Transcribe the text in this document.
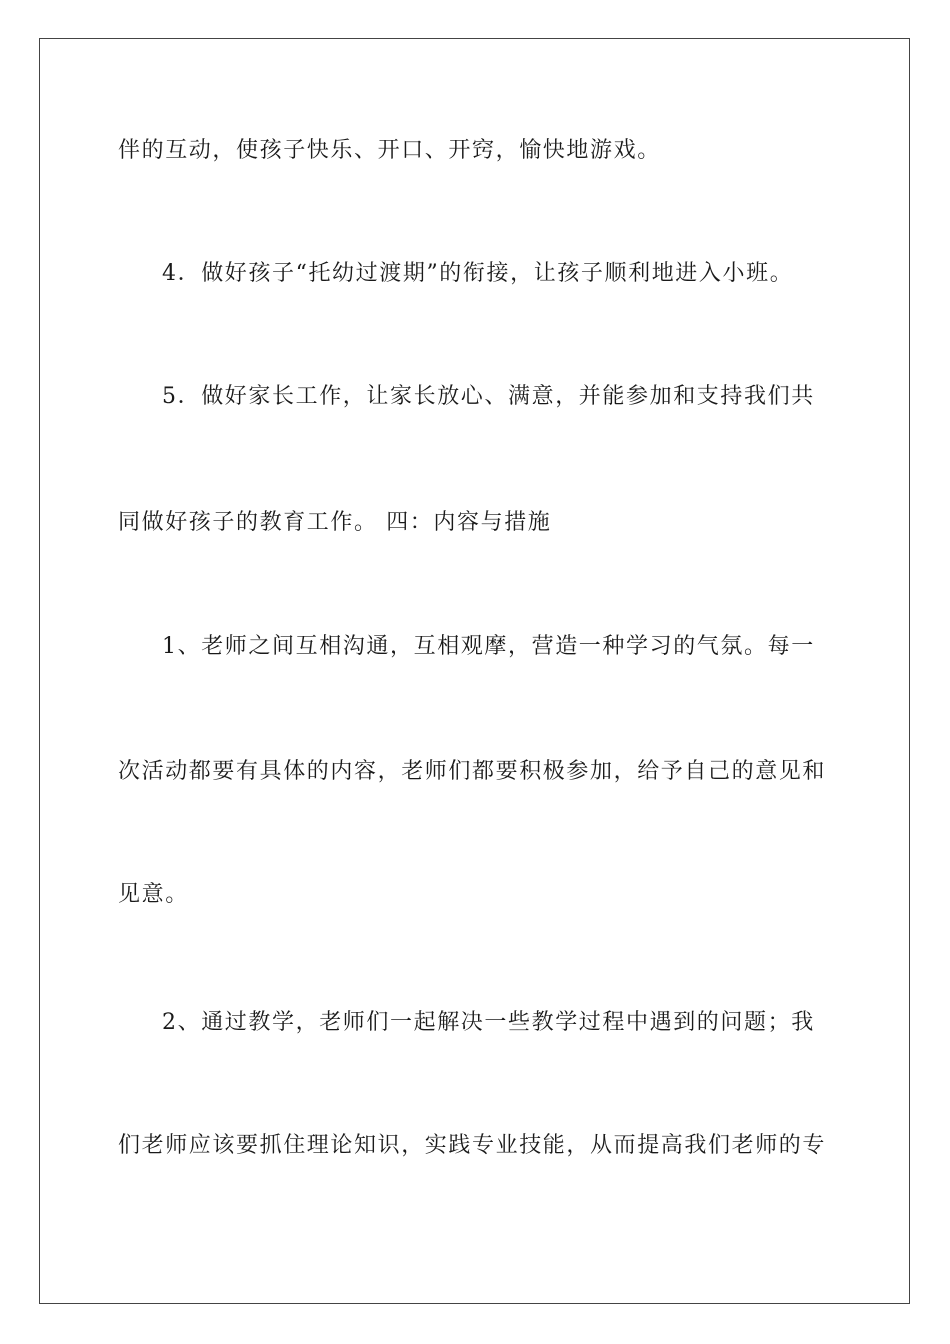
伴的互动，使孩子快乐、开口、开窍，愉快地游戏。
4．做好孩子“托幼过渡期”的衔接，让孩子顺利地进入小班。
5．做好家长工作，让家长放心、满意，并能参加和支持我们共
同做好孩子的教育工作。 四：内容与措施
1、老师之间互相沟通，互相观摩，营造一种学习的气氛。每一
次活动都要有具体的内容，老师们都要积极参加，给予自己的意见和
见意。
2、通过教学，老师们一起解决一些教学过程中遇到的问题；我
们老师应该要抓住理论知识，实践专业技能，从而提高我们老师的专
